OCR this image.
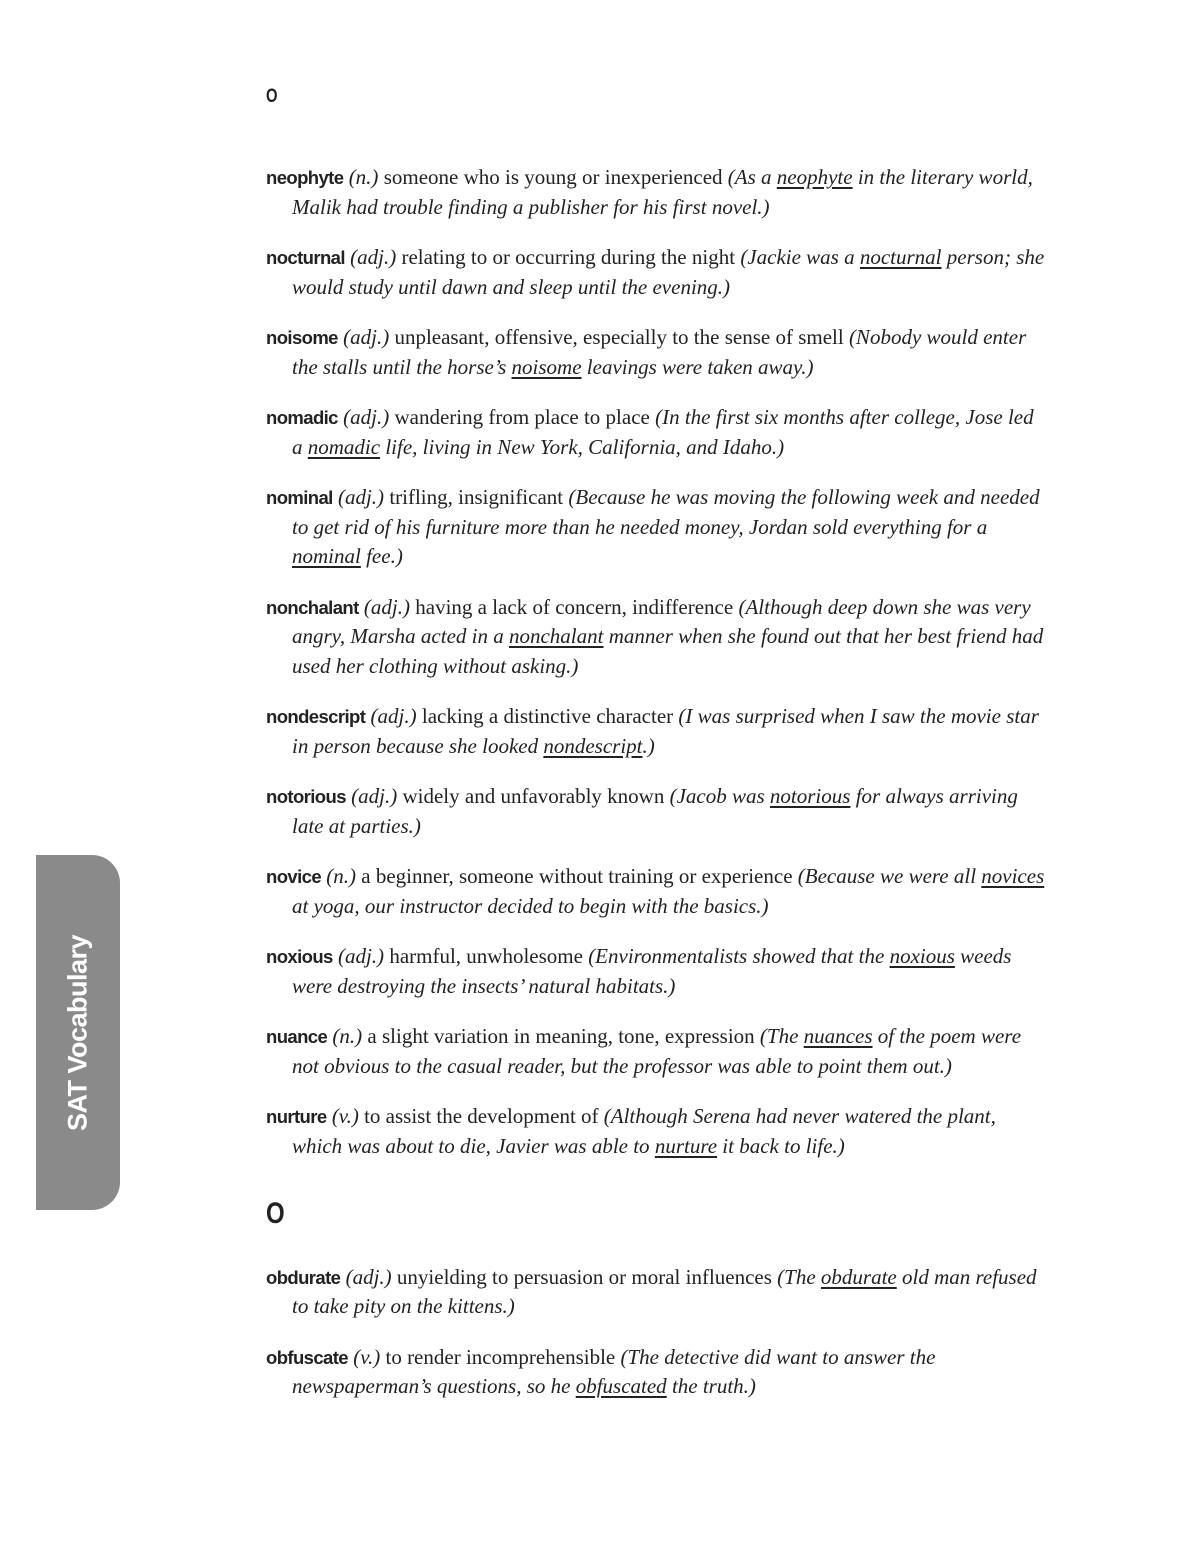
O

neophyte (n.) someone who is young or inexperienced (As a neophyte in the literary world, Malik had trouble finding a publisher for his first novel.)

nocturnal (adj.) relating to or occurring during the night (Jackie was a nocturnal person; she would study until dawn and sleep until the evening.)

noisome (adj.) unpleasant, offensive, especially to the sense of smell (Nobody would enter the stalls until the horse’s noisome leavings were taken away.)

nomadic (adj.) wandering from place to place (In the first six months after college, Jose led a nomadic life, living in New York, California, and Idaho.)

nominal (adj.) trifling, insignificant (Because he was moving the following week and needed to get rid of his furniture more than he needed money, Jordan sold everything for a nominal fee.)

nonchalant (adj.) having a lack of concern, indifference (Although deep down she was very angry, Marsha acted in a nonchalant manner when she found out that her best friend had used her clothing without asking.)

nondescript (adj.) lacking a distinctive character (I was surprised when I saw the movie star in person because she looked nondescript.)

notorious (adj.) widely and unfavorably known (Jacob was notorious for always arriving late at parties.)

novice (n.) a beginner, someone without training or experience (Because we were all novices at yoga, our instructor decided to begin with the basics.)

noxious (adj.) harmful, unwholesome (Environmentalists showed that the noxious weeds were destroying the insects’ natural habitats.)

nuance (n.) a slight variation in meaning, tone, expression (The nuances of the poem were not obvious to the casual reader, but the professor was able to point them out.)

nurture (v.) to assist the development of (Although Serena had never watered the plant, which was about to die, Javier was able to nurture it back to life.)

O

obdurate (adj.) unyielding to persuasion or moral influences (The obdurate old man refused to take pity on the kittens.)

obfuscate (v.) to render incomprehensible (The detective did want to answer the newspaperman’s questions, so he obfuscated the truth.)

SAT Vocabulary
